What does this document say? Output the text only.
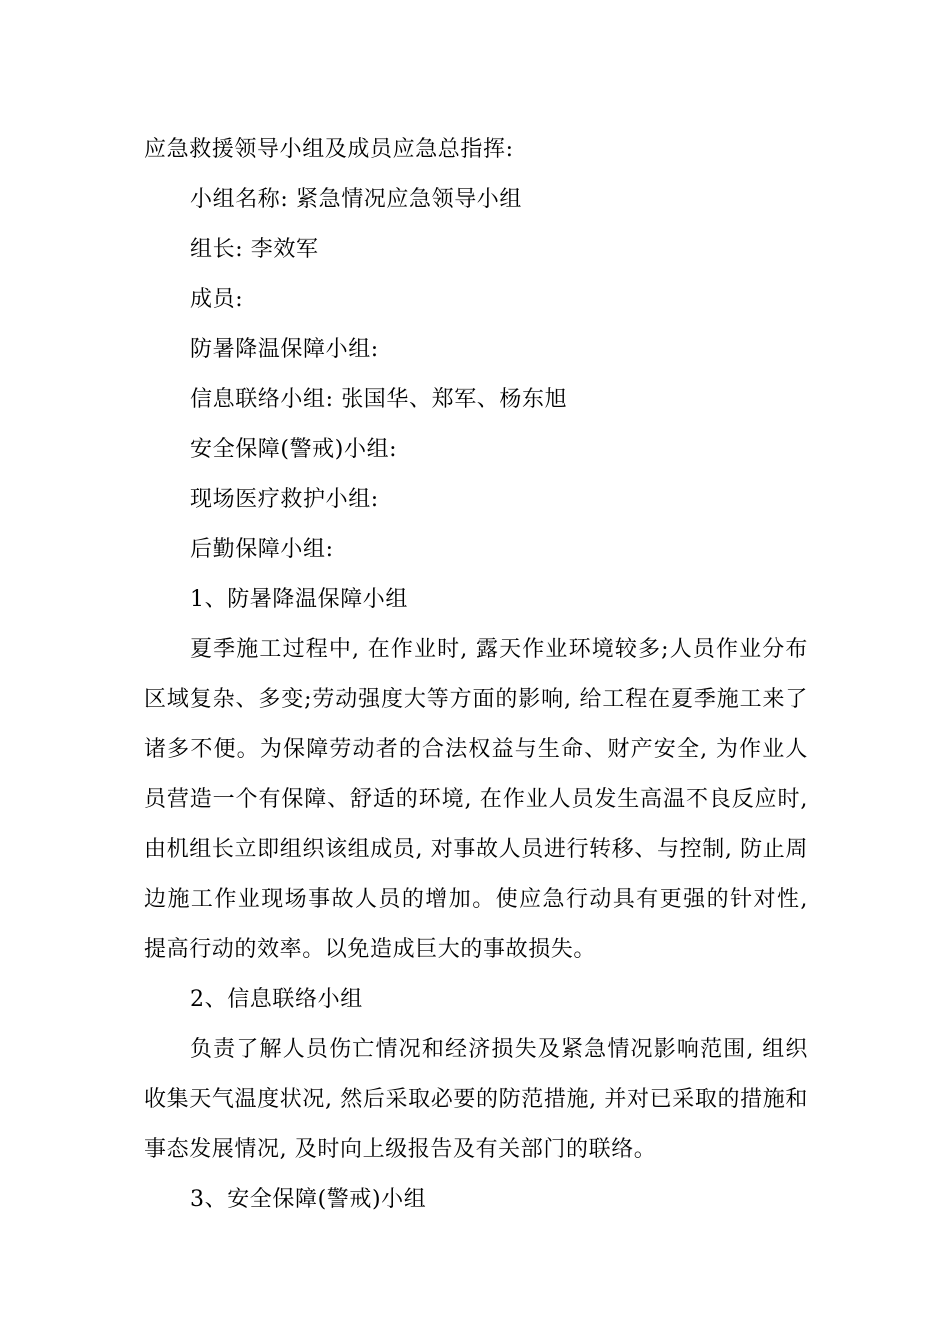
应急救援领导小组及成员应急总指挥:
小组名称: 紧急情况应急领导小组
组长: 李效军
成员:
防暑降温保障小组:
信息联络小组: 张国华、郑军、杨东旭
安全保障(警戒)小组:
现场医疗救护小组:
后勤保障小组:
1、防暑降温保障小组
夏季施工过程中, 在作业时, 露天作业环境较多;人员作业分布区域复杂、多变;劳动强度大等方面的影响, 给工程在夏季施工来了诸多不便。为保障劳动者的合法权益与生命、财产安全, 为作业人员营造一个有保障、舒适的环境, 在作业人员发生高温不良反应时, 由机组长立即组织该组成员, 对事故人员进行转移、与控制, 防止周边施工作业现场事故人员的增加。使应急行动具有更强的针对性, 提高行动的效率。以免造成巨大的事故损失。
2、信息联络小组
负责了解人员伤亡情况和经济损失及紧急情况影响范围, 组织收集天气温度状况, 然后采取必要的防范措施, 并对已采取的措施和事态发展情况, 及时向上级报告及有关部门的联络。
3、安全保障(警戒)小组
